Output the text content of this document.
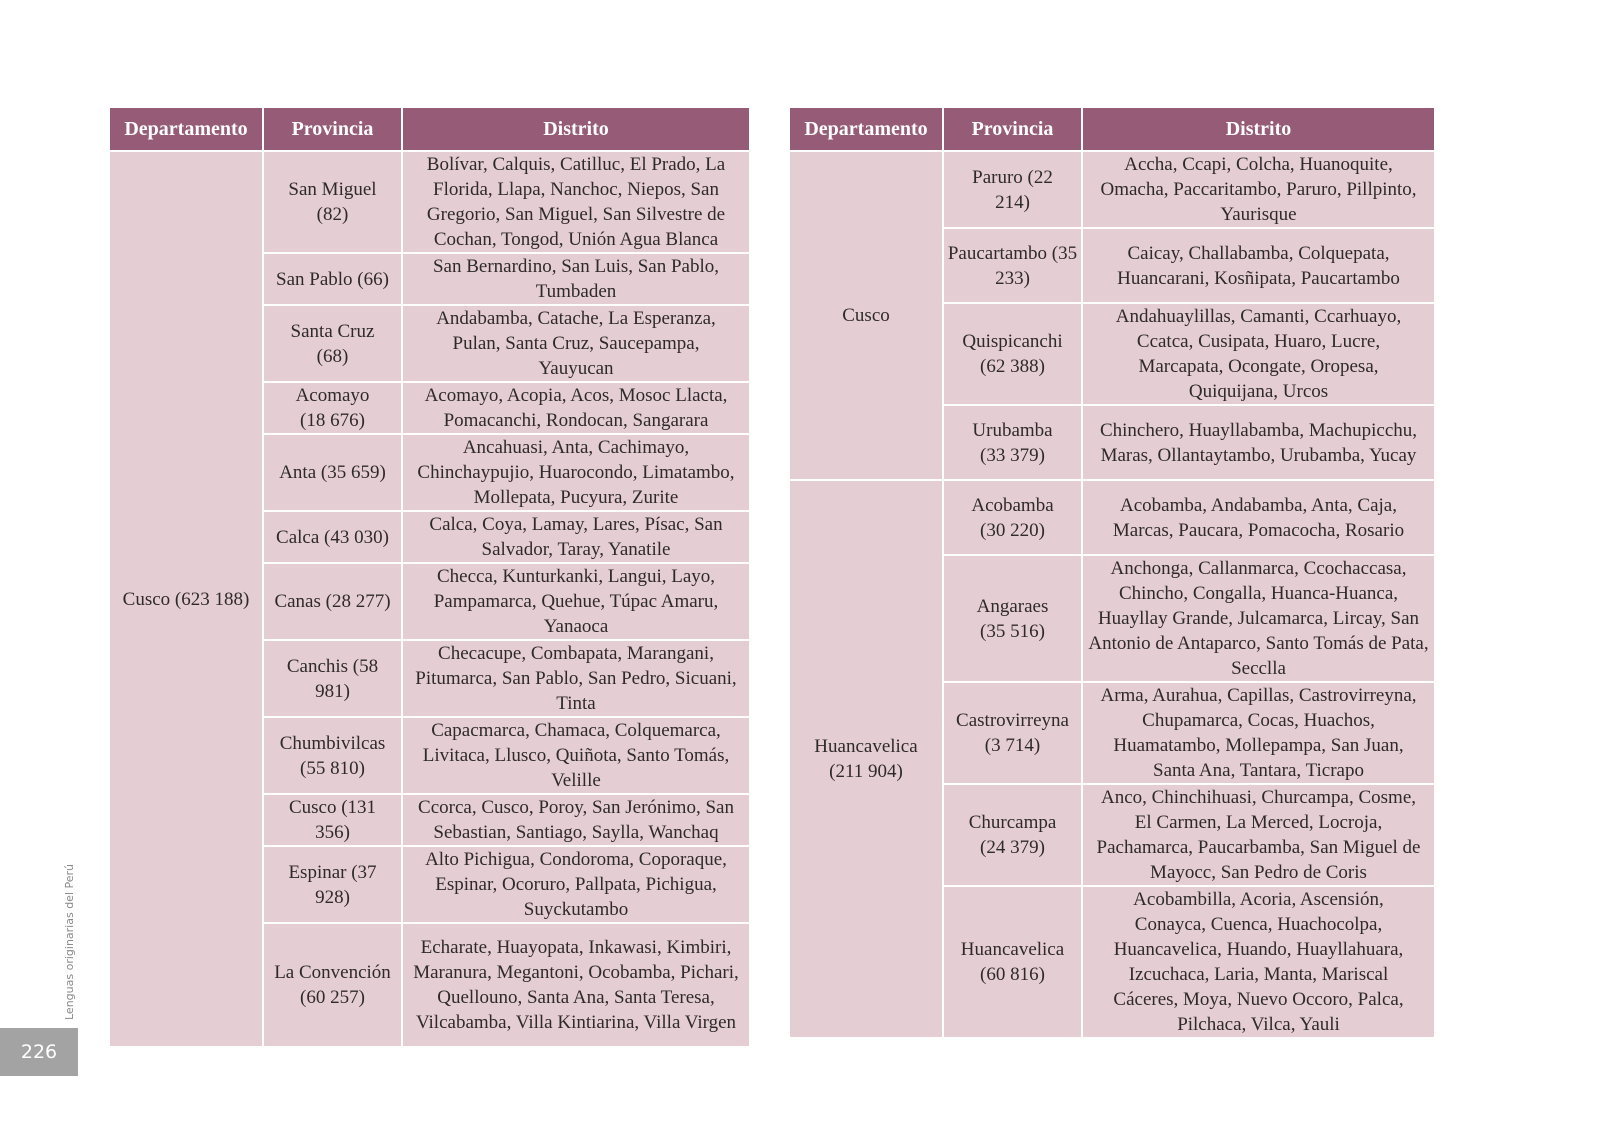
Departamento	Provincia	Distrito
Cusco (623 188)	San Miguel (82)	Bolívar, Calquis, Catilluc, El Prado, La Florida, Llapa, Nanchoc, Niepos, San Gregorio, San Miguel, San Silvestre de Cochan, Tongod, Unión Agua Blanca
	San Pablo (66)	San Bernardino, San Luis, San Pablo, Tumbaden
	Santa Cruz (68)	Andabamba, Catache, La Esperanza, Pulan, Santa Cruz, Saucepampa, Yauyucan
	Acomayo (18 676)	Acomayo, Acopia, Acos, Mosoc Llacta, Pomacanchi, Rondocan, Sangarara
	Anta (35 659)	Ancahuasi, Anta, Cachimayo, Chinchaypujio, Huarocondo, Limatambo, Mollepata, Pucyura, Zurite
	Calca (43 030)	Calca, Coya, Lamay, Lares, Písac, San Salvador, Taray, Yanatile
	Canas (28 277)	Checca, Kunturkanki, Langui, Layo, Pampamarca, Quehue, Túpac Amaru, Yanaoca
	Canchis (58 981)	Checacupe, Combapata, Marangani, Pitumarca, San Pablo, San Pedro, Sicuani, Tinta
	Chumbivilcas (55 810)	Capacmarca, Chamaca, Colquemarca, Livitaca, Llusco, Quiñota, Santo Tomás, Velille
	Cusco (131 356)	Ccorca, Cusco, Poroy, San Jerónimo, San Sebastian, Santiago, Saylla, Wanchaq
	Espinar (37 928)	Alto Pichigua, Condoroma, Coporaque, Espinar, Ocoruro, Pallpata, Pichigua, Suyckutambo
	La Convención (60 257)	Echarate, Huayopata, Inkawasi, Kimbiri, Maranura, Megantoni, Ocobamba, Pichari, Quellouno, Santa Ana, Santa Teresa, Vilcabamba, Villa Kintiarina, Villa Virgen
Departamento	Provincia	Distrito
Cusco	Paruro (22 214)	Accha, Ccapi, Colcha, Huanoquite, Omacha, Paccaritambo, Paruro, Pillpinto, Yaurisque
	Paucartambo (35 233)	Caicay, Challabamba, Colquepata, Huancarani, Kosñipata, Paucartambo
	Quispicanchi (62 388)	Andahuaylillas, Camanti, Ccarhuayo, Ccatca, Cusipata, Huaro, Lucre, Marcapata, Ocongate, Oropesa, Quiquijana, Urcos
	Urubamba (33 379)	Chinchero, Huayllabamba, Machupicchu, Maras, Ollantaytambo, Urubamba, Yucay
Huancavelica (211 904)	Acobamba (30 220)	Acobamba, Andabamba, Anta, Caja, Marcas, Paucara, Pomacocha, Rosario
	Angaraes (35 516)	Anchonga, Callanmarca, Ccochaccasa, Chincho, Congalla, Huanca-Huanca, Huayllay Grande, Julcamarca, Lircay, San Antonio de Antaparco, Santo Tomás de Pata, Secclla
	Castrovirreyna (3 714)	Arma, Aurahua, Capillas, Castrovirreyna, Chupamarca, Cocas, Huachos, Huamatambo, Mollepampa, San Juan, Santa Ana, Tantara, Ticrapo
	Churcampa (24 379)	Anco, Chinchihuasi, Churcampa, Cosme, El Carmen, La Merced, Locroja, Pachamarca, Paucarbamba, San Miguel de Mayocc, San Pedro de Coris
	Huancavelica (60 816)	Acobambilla, Acoria, Ascensión, Conayca, Cuenca, Huachocolpa, Huancavelica, Huando, Huayllahuara, Izcuchaca, Laria, Manta, Mariscal Cáceres, Moya, Nuevo Occoro, Palca, Pilchaca, Vilca, Yauli
Lenguas originarias del Perú
226
